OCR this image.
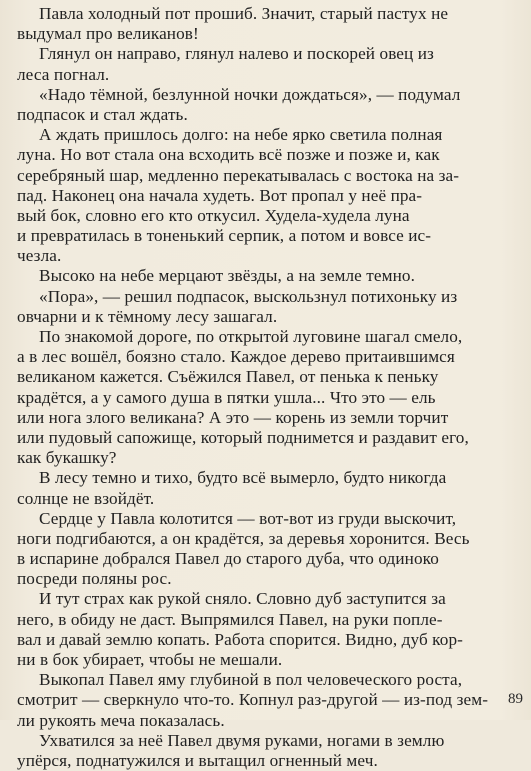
Павла холодный пот прошиб. Значит, старый пастух не
выдумал про великанов!
Глянул он направо, глянул налево и поскорей овец из
леса погнал.
«Надо тёмной, безлунной ночки дождаться», — подумал
подпасок и стал ждать.
А ждать пришлось долго: на небе ярко светила полная
луна. Но вот стала она всходить всё позже и позже и, как
серебряный шар, медленно перекатывалась с востока на за-
пад. Наконец она начала худеть. Вот пропал у неё пра-
вый бок, словно его кто откусил. Худела-худела луна
и превратилась в тоненький серпик, а потом и вовсе ис-
чезла.
Высоко на небе мерцают звёзды, а на земле темно.
«Пора», — решил подпасок, выскользнул потихоньку из
овчарни и к тёмному лесу зашагал.
По знакомой дороге, по открытой луговине шагал смело,
а в лес вошёл, боязно стало. Каждое дерево притаившимся
великаном кажется. Съёжился Павел, от пенька к пеньку
крадётся, а у самого душа в пятки ушла... Что это — ель
или нога злого великана? А это — корень из земли торчит
или пудовый сапожище, который поднимется и раздавит его,
как букашку?
В лесу темно и тихо, будто всё вымерло, будто никогда
солнце не взойдёт.
Сердце у Павла колотится — вот-вот из груди выскочит,
ноги подгибаются, а он крадётся, за деревья хоронится. Весь
в испарине добрался Павел до старого дуба, что одиноко
посреди поляны рос.
И тут страх как рукой сняло. Словно дуб заступится за
него, в обиду не даст. Выпрямился Павел, на руки попле-
вал и давай землю копать. Работа спорится. Видно, дуб кор-
ни в бок убирает, чтобы не мешали.
Выкопал Павел яму глубиной в пол человеческого роста,
смотрит — сверкнуло что-то. Копнул раз-другой — из-под зем-
ли рукоять меча показалась.
Ухватился за неё Павел двумя руками, ногами в землю
упёрся, поднатужился и вытащил огненный меч.
89
